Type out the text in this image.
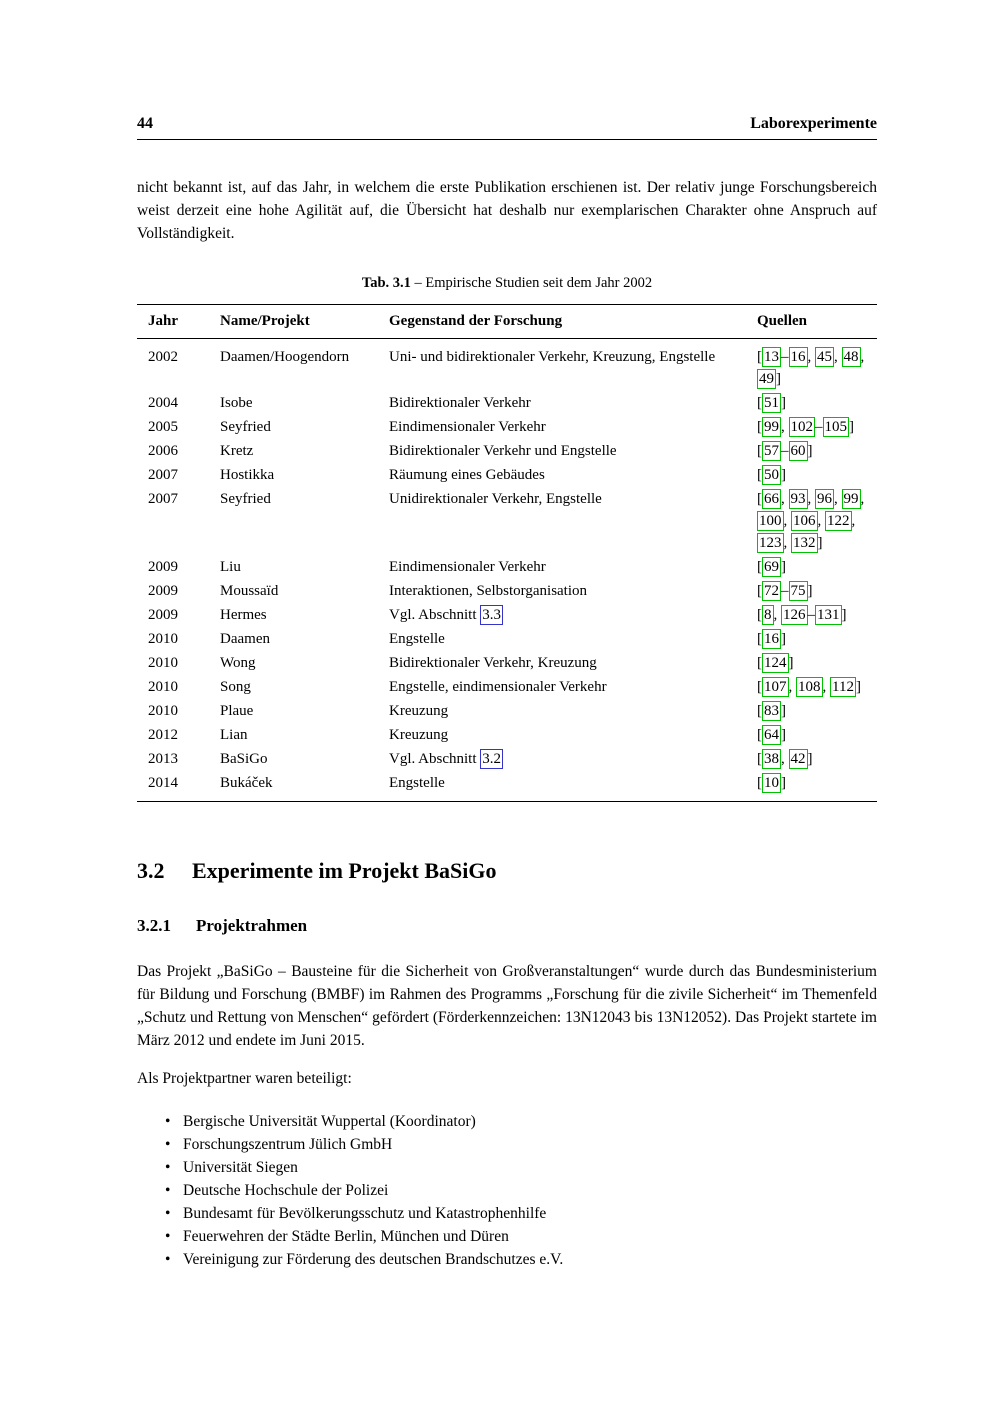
44	Laborexperimente

nicht bekannt ist, auf das Jahr, in welchem die erste Publikation erschienen ist. Der relativ junge Forschungsbereich weist derzeit eine hohe Agilität auf, die Übersicht hat deshalb nur exemplarischen Charakter ohne Anspruch auf Vollständigkeit.

Tab. 3.1 – Empirische Studien seit dem Jahr 2002
Jahr	Name/Projekt	Gegenstand der Forschung	Quellen
2002	Daamen/Hoogendorn	Uni- und bidirektionaler Verkehr, Kreuzung, Engstelle	[ 13 – 16 , 45 , 48 , 49 ]
2004	Isobe	Bidirektionaler Verkehr	[ 51 ]
2005	Seyfried	Eindimensionaler Verkehr	[ 99 , 102 – 105 ]
2006	Kretz	Bidirektionaler Verkehr und Engstelle	[ 57 – 60 ]
2007	Hostikka	Räumung eines Gebäudes	[ 50 ]
2007	Seyfried	Unidirektionaler Verkehr, Engstelle	[ 66 , 93 , 96 , 99 , 100 , 106 , 122 , 123 , 132 ]
2009	Liu	Eindimensionaler Verkehr	[ 69 ]
2009	Moussaïd	Interaktionen, Selbstorganisation	[ 72 – 75 ]
2009	Hermes	Vgl. Abschnitt 3.3	[ 8 , 126 – 131 ]
2010	Daamen	Engstelle	[ 16 ]
2010	Wong	Bidirektionaler Verkehr, Kreuzung	[ 124 ]
2010	Song	Engstelle, eindimensionaler Verkehr	[ 107 , 108 , 112 ]
2010	Plaue	Kreuzung	[ 83 ]
2012	Lian	Kreuzung	[ 64 ]
2013	BaSiGo	Vgl. Abschnitt 3.2	[ 38 , 42 ]
2014	Bukáček	Engstelle	[ 10 ]
3.2	Experimente im Projekt BaSiGo
3.2.1	Projektrahmen

Das Projekt „BaSiGo – Bausteine für die Sicherheit von Großveranstaltungen“ wurde durch das Bundesministerium für Bildung und Forschung (BMBF) im Rahmen des Programms „Forschung für die zivile Sicherheit“ im Themenfeld „Schutz und Rettung von Menschen“ gefördert (Förderkennzeichen: 13N12043 bis 13N12052). Das Projekt startete im März 2012 und endete im Juni 2015.

Als Projektpartner waren beteiligt:

• Bergische Universität Wuppertal (Koordinator)
• Forschungszentrum Jülich GmbH
• Universität Siegen
• Deutsche Hochschule der Polizei
• Bundesamt für Bevölkerungsschutz und Katastrophenhilfe
• Feuerwehren der Städte Berlin, München und Düren
• Vereinigung zur Förderung des deutschen Brandschutzes e.V.
